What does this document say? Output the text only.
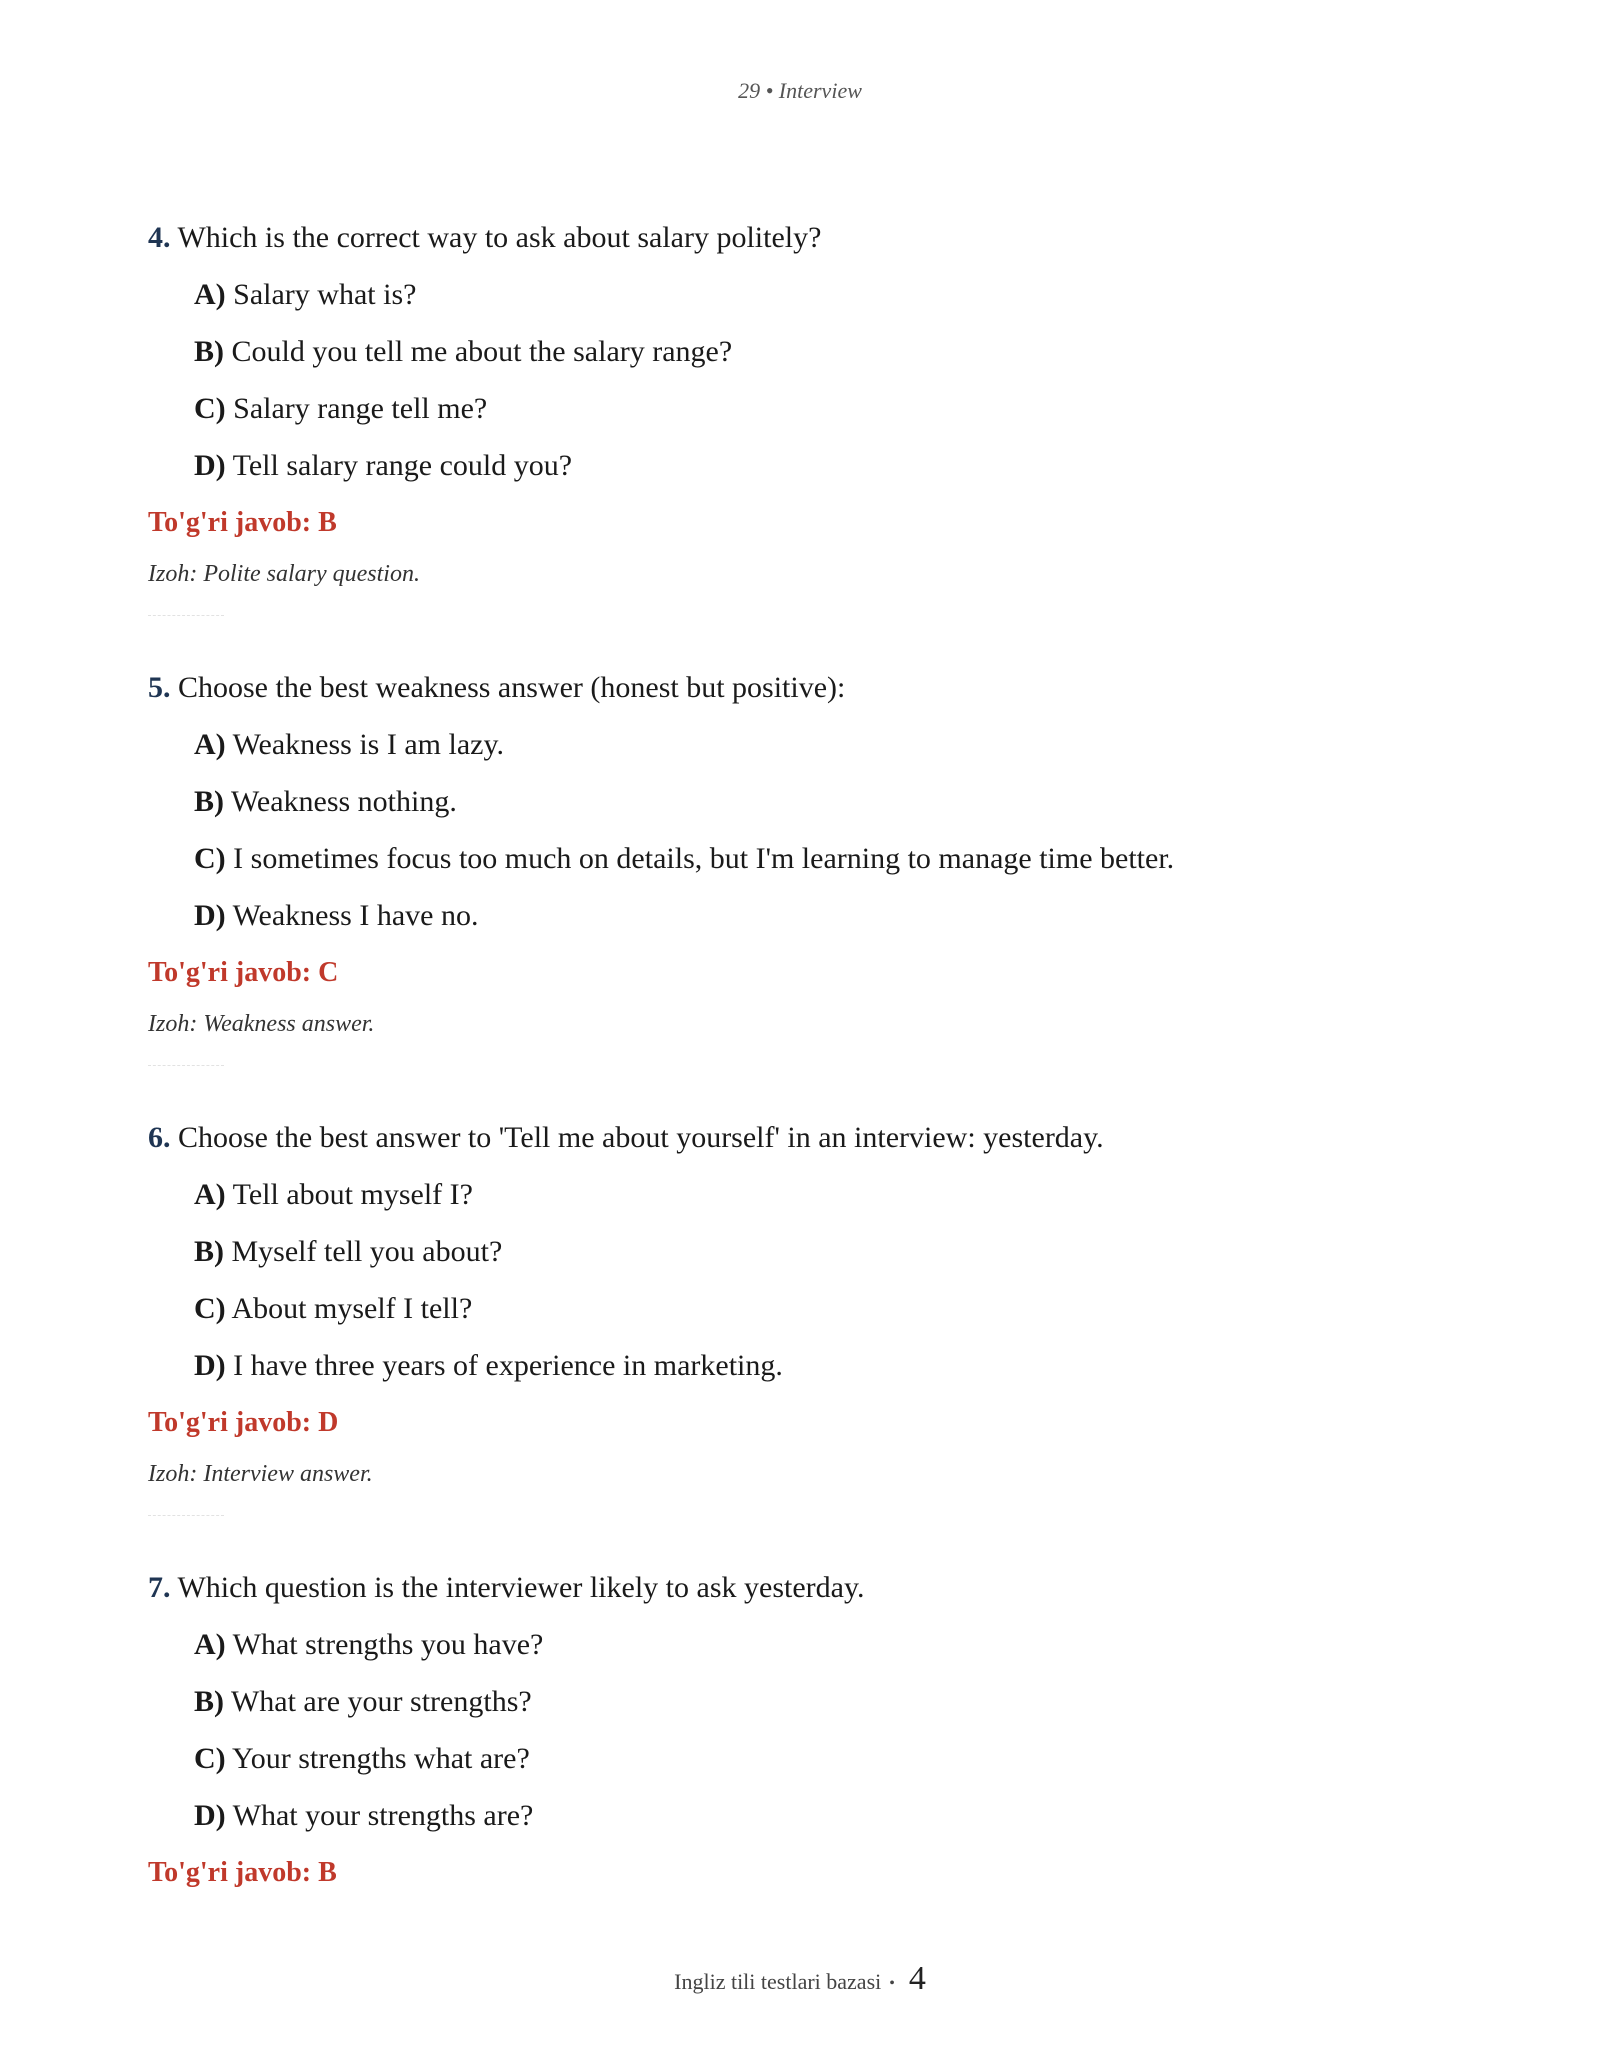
29 • Interview

4. Which is the correct way to ask about salary politely?

A) Salary what is?

B) Could you tell me about the salary range?

C) Salary range tell me?

D) Tell salary range could you?

To'g'ri javob: B

Izoh: Polite salary question.

5. Choose the best weakness answer (honest but positive):

A) Weakness is I am lazy.

B) Weakness nothing.

C) I sometimes focus too much on details, but I'm learning to manage time better.

D) Weakness I have no.

To'g'ri javob: C

Izoh: Weakness answer.

6. Choose the best answer to 'Tell me about yourself' in an interview: yesterday.

A) Tell about myself I?

B) Myself tell you about?

C) About myself I tell?

D) I have three years of experience in marketing.

To'g'ri javob: D

Izoh: Interview answer.

7. Which question is the interviewer likely to ask yesterday.

A) What strengths you have?

B) What are your strengths?

C) Your strengths what are?

D) What your strengths are?

To'g'ri javob: B

Ingliz tili testlari bazasi • 4
